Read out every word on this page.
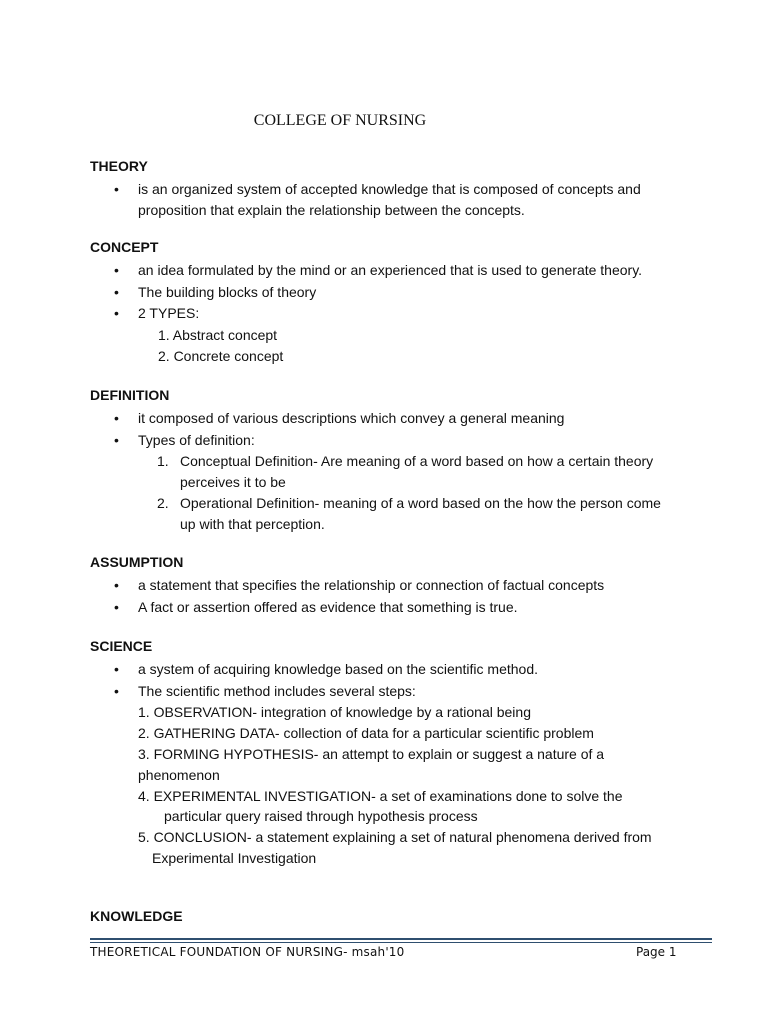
COLLEGE OF NURSING
THEORY
• is an organized system of accepted knowledge that is composed of concepts and
proposition that explain the relationship between the concepts.
CONCEPT
• an idea formulated by the mind or an experienced that is used to generate theory.
• The building blocks of theory
• 2 TYPES:
1. Abstract concept
2. Concrete concept
DEFINITION
• it composed of various descriptions which convey a general meaning
• Types of definition:
1. Conceptual Definition- Are meaning of a word based on how a certain theory
perceives it to be
2. Operational Definition- meaning of a word based on the how the person come
up with that perception.
ASSUMPTION
• a statement that specifies the relationship or connection of factual concepts
• A fact or assertion offered as evidence that something is true.
SCIENCE
• a system of acquiring knowledge based on the scientific method.
• The scientific method includes several steps:
1. OBSERVATION- integration of knowledge by a rational being
2. GATHERING DATA- collection of data for a particular scientific problem
3. FORMING HYPOTHESIS- an attempt to explain or suggest a nature of a
phenomenon
4. EXPERIMENTAL INVESTIGATION- a set of examinations done to solve the
particular query raised through hypothesis process
5. CONCLUSION- a statement explaining a set of natural phenomena derived from
Experimental Investigation
KNOWLEDGE
THEORETICAL FOUNDATION OF NURSING- msah'10	Page 1
